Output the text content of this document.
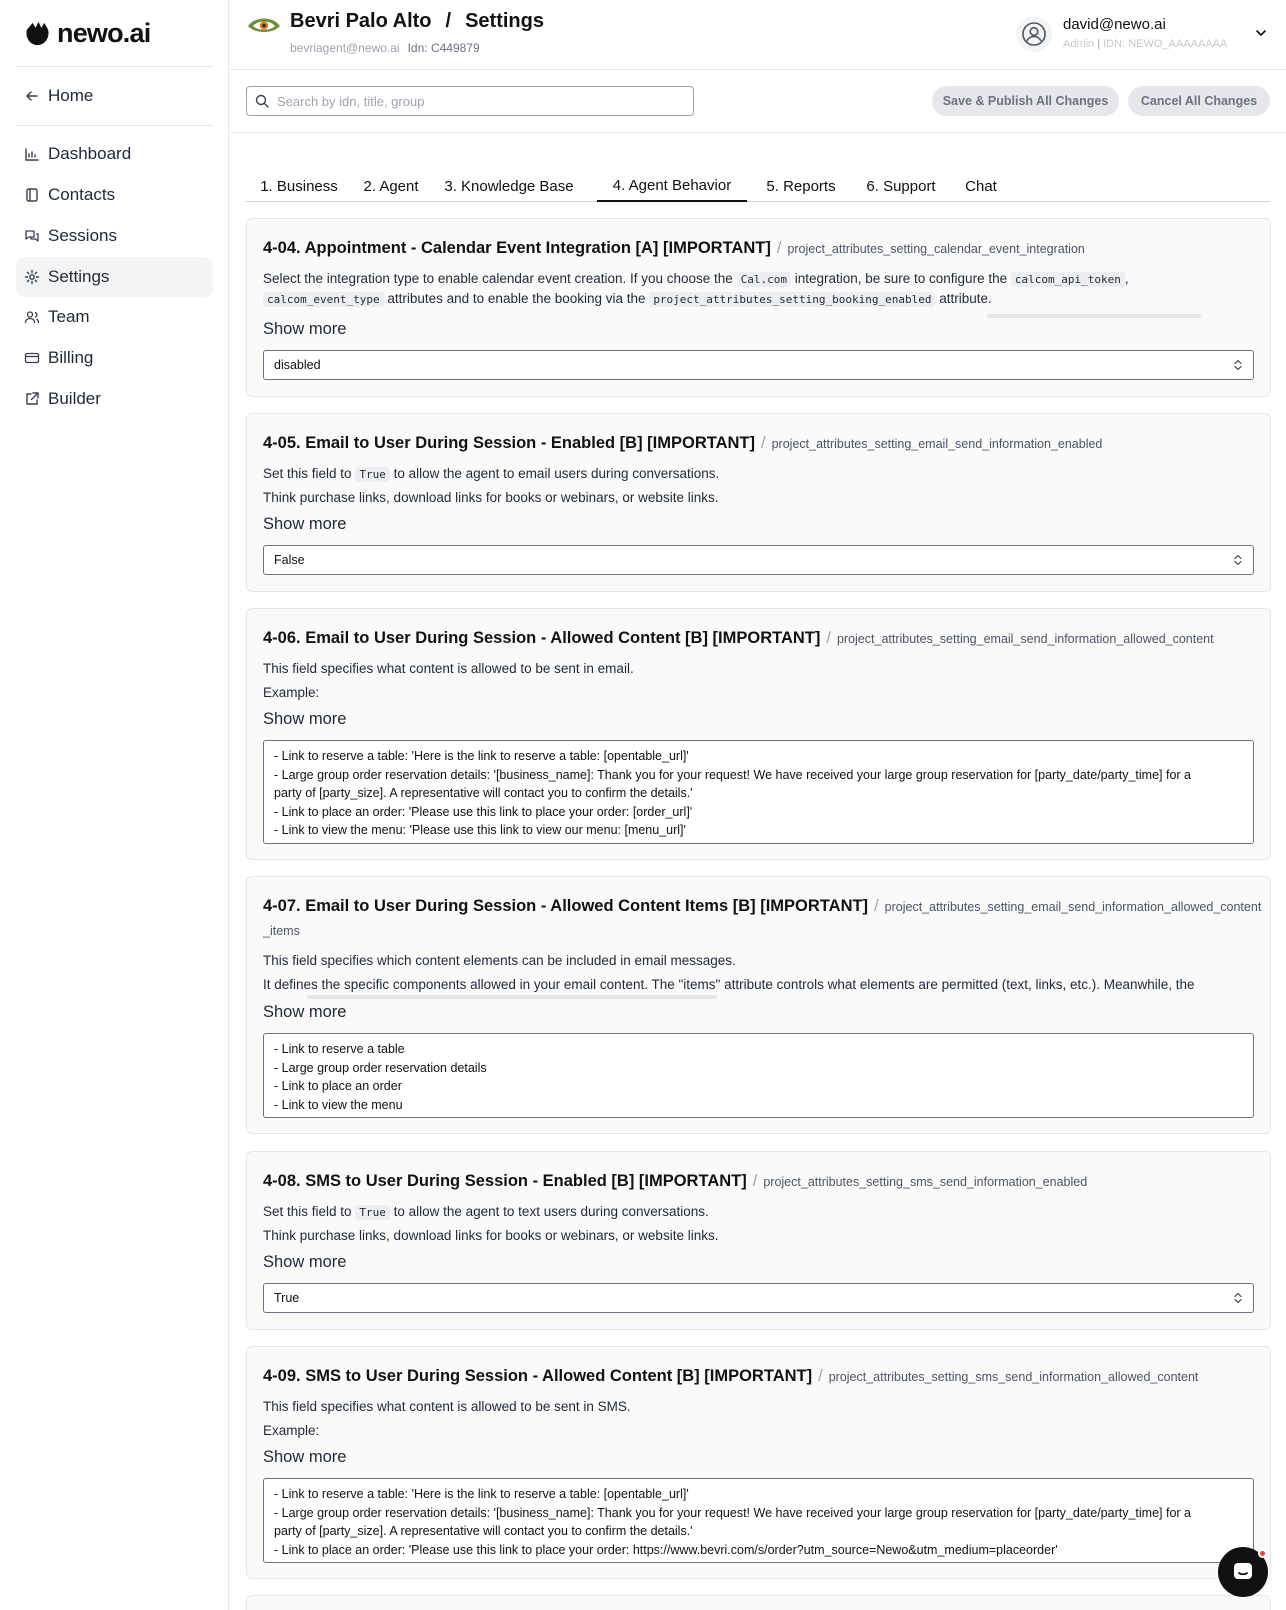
newo.ai
Home
Dashboard
Contacts
Sessions
Settings
Team
Billing
Builder
Bevri Palo Alto / Settings
bevriagent@newo.ai Idn: C449879
david@newo.ai
Admin | IDN: NEWO_AAAAAAAA
Search by idn, title, group
Save & Publish All Changes	Cancel All Changes
1. Business	2. Agent	3. Knowledge Base	4. Agent Behavior	5. Reports	6. Support	Chat
4-04. Appointment - Calendar Event Integration [A] [IMPORTANT] / project_attributes_setting_calendar_event_integration
Select the integration type to enable calendar event creation. If you choose the Cal.com integration, be sure to configure the calcom_api_token ,
calcom_event_type attributes and to enable the booking via the project_attributes_setting_booking_enabled attribute.
Show more
disabled
4-05. Email to User During Session - Enabled [B] [IMPORTANT] / project_attributes_setting_email_send_information_enabled
Set this field to True to allow the agent to email users during conversations.
Think purchase links, download links for books or webinars, or website links.
Show more
False
4-06. Email to User During Session - Allowed Content [B] [IMPORTANT] / project_attributes_setting_email_send_information_allowed_content
This field specifies what content is allowed to be sent in email.
Example:
Show more
- Link to reserve a table: 'Here is the link to reserve a table: [opentable_url]'
- Large group order reservation details: '[business_name]: Thank you for your request! We have received your large group reservation for [party_date/party_time] for a
party of [party_size]. A representative will contact you to confirm the details.'
- Link to place an order: 'Please use this link to place your order: [order_url]'
- Link to view the menu: 'Please use this link to view our menu: [menu_url]'
4-07. Email to User During Session - Allowed Content Items [B] [IMPORTANT] / project_attributes_setting_email_send_information_allowed_content
_items
This field specifies which content elements can be included in email messages.
It defines the specific components allowed in your email content. The "items" attribute controls what elements are permitted (text, links, etc.). Meanwhile, the
Show more
- Link to reserve a table
- Large group order reservation details
- Link to place an order
- Link to view the menu
4-08. SMS to User During Session - Enabled [B] [IMPORTANT] / project_attributes_setting_sms_send_information_enabled
Set this field to True to allow the agent to text users during conversations.
Think purchase links, download links for books or webinars, or website links.
Show more
True
4-09. SMS to User During Session - Allowed Content [B] [IMPORTANT] / project_attributes_setting_sms_send_information_allowed_content
This field specifies what content is allowed to be sent in SMS.
Example:
Show more
- Link to reserve a table: 'Here is the link to reserve a table: [opentable_url]'
- Large group order reservation details: '[business_name]: Thank you for your request! We have received your large group reservation for [party_date/party_time] for a
party of [party_size]. A representative will contact you to confirm the details.'
- Link to place an order: 'Please use this link to place your order: https://www.bevri.com/s/order?utm_source=Newo&utm_medium=placeorder'
